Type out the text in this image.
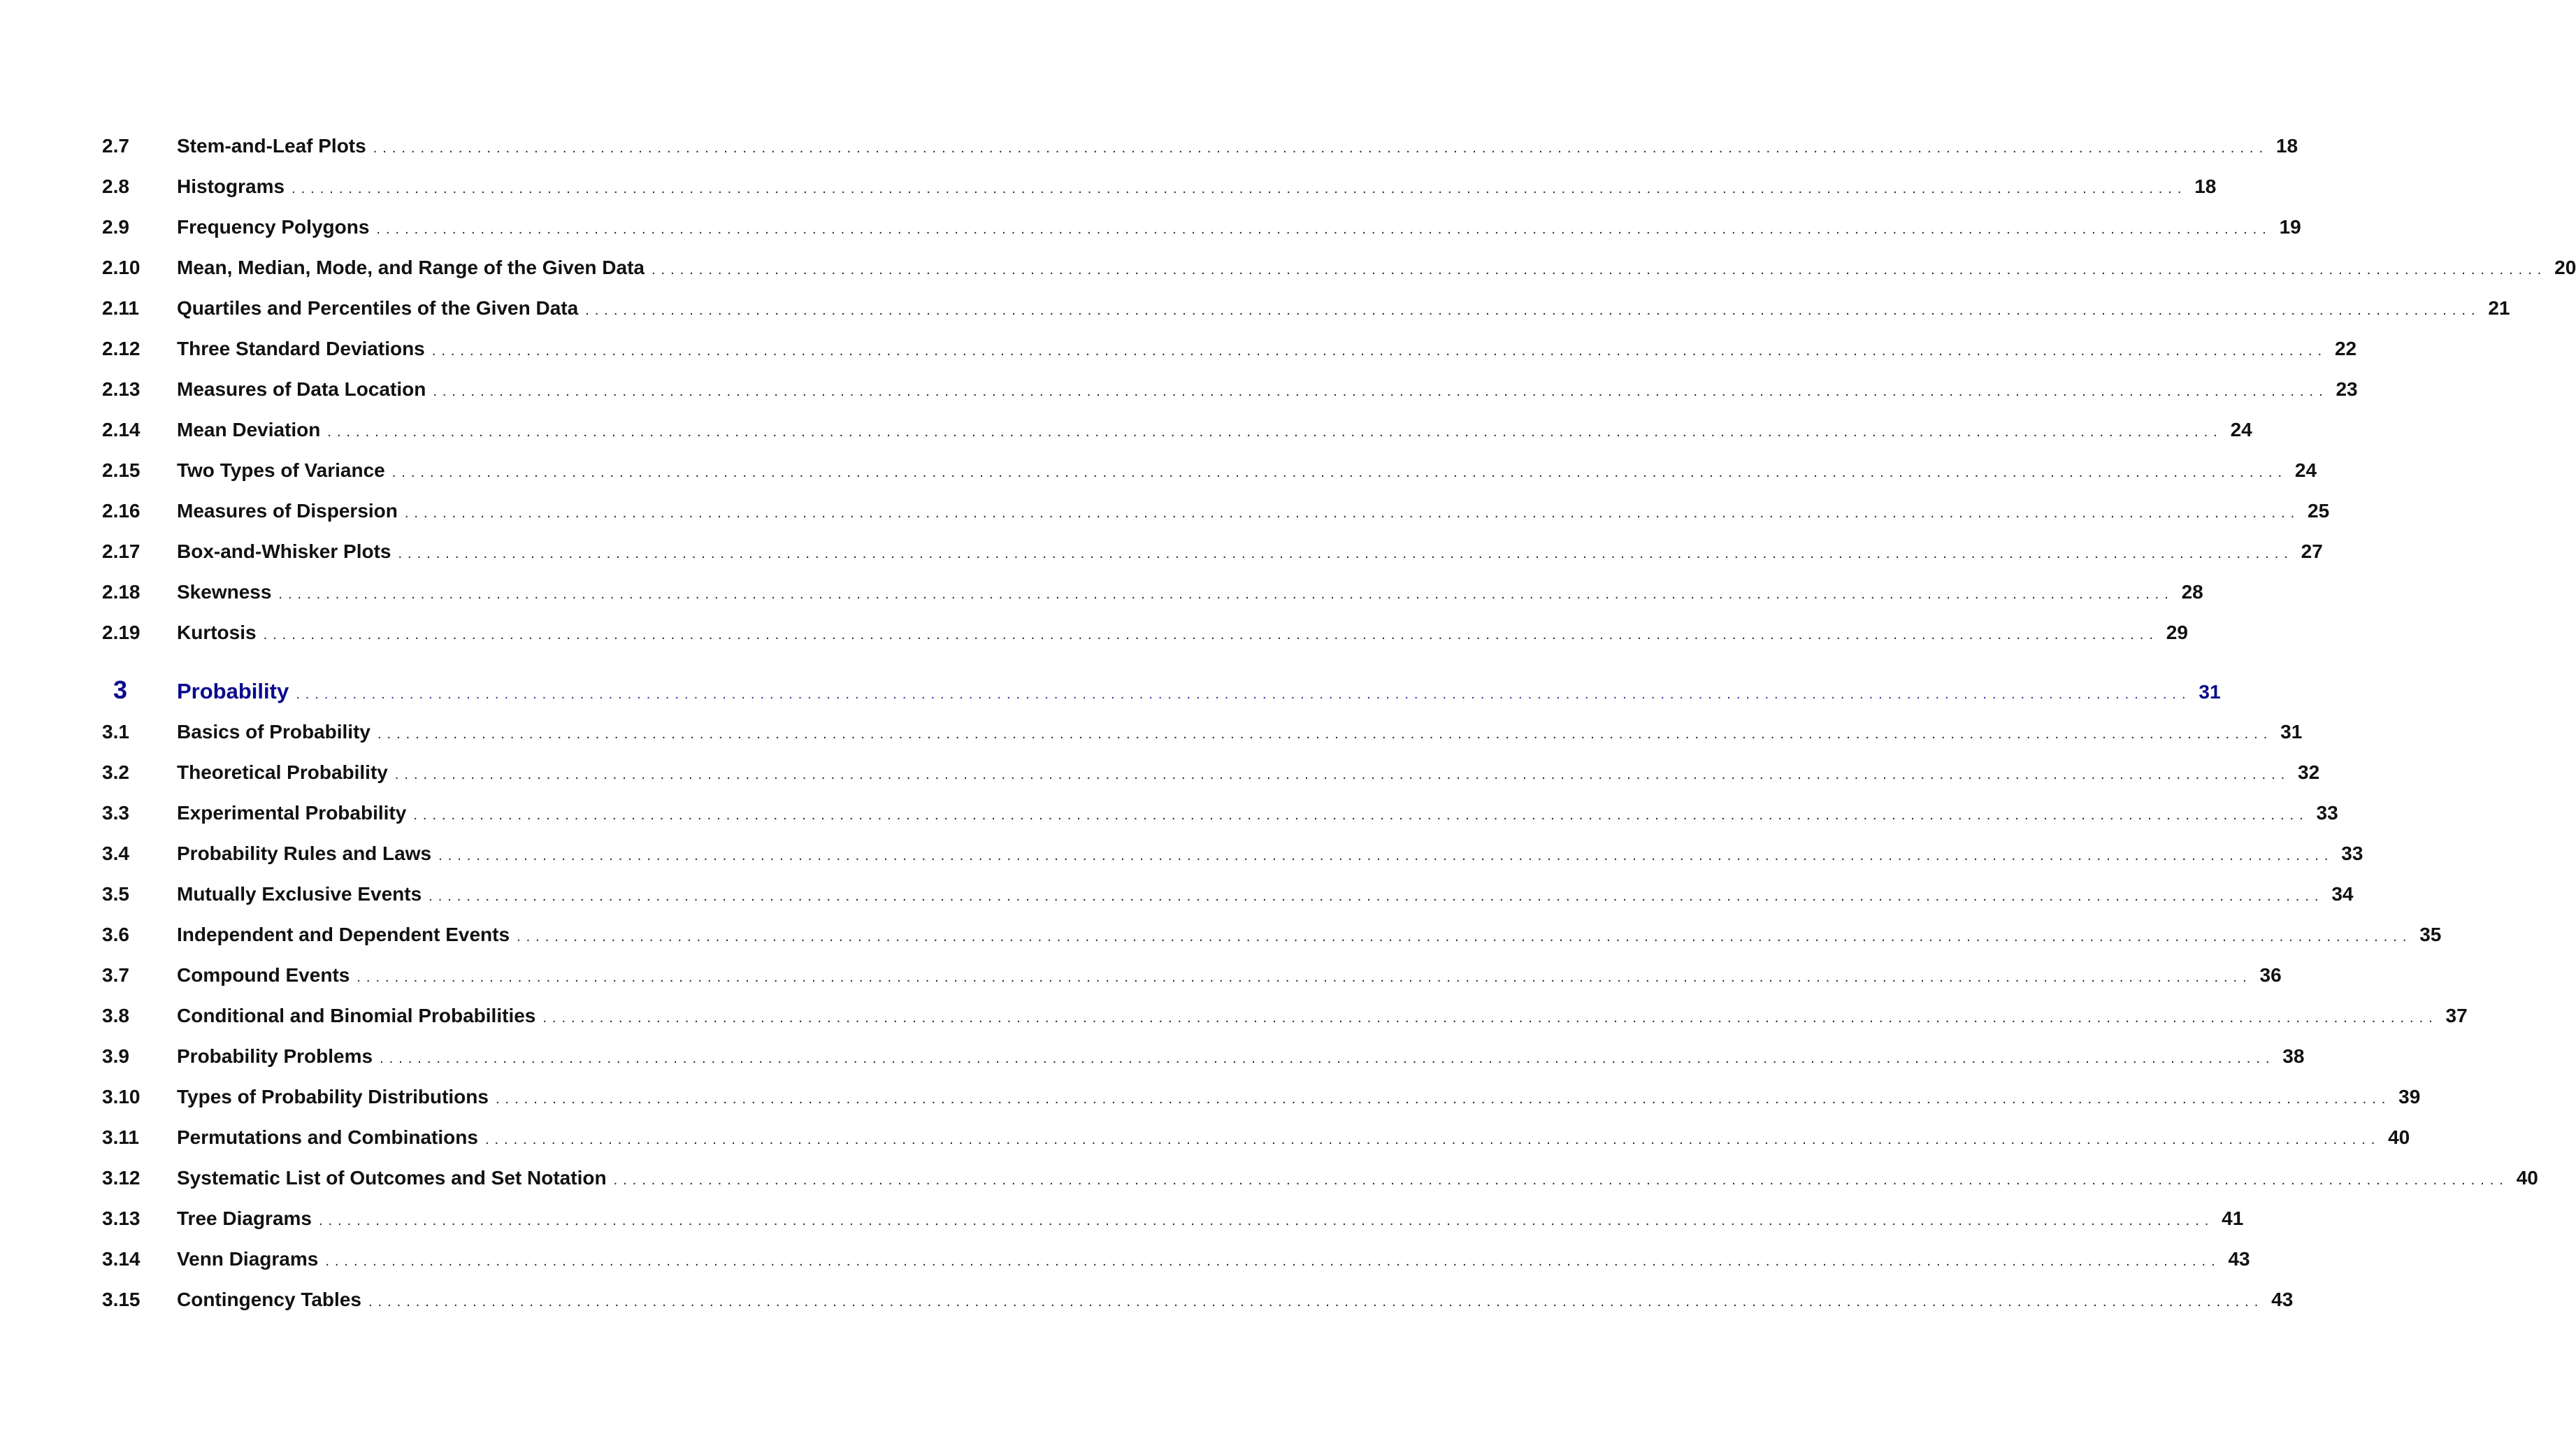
2.7	Stem-and-Leaf Plots ........................................................................................................................................................................................................ 18
2.8	Histograms ........................................................................................................................................................................................................ 18
2.9	Frequency Polygons ........................................................................................................................................................................................................ 19
2.10	Mean, Median, Mode, and Range of the Given Data ........................................................................................................................................................................................................ 20
2.11	Quartiles and Percentiles of the Given Data ........................................................................................................................................................................................................ 21
2.12	Three Standard Deviations ........................................................................................................................................................................................................ 22
2.13	Measures of Data Location ........................................................................................................................................................................................................ 23
2.14	Mean Deviation ........................................................................................................................................................................................................ 24
2.15	Two Types of Variance ........................................................................................................................................................................................................ 24
2.16	Measures of Dispersion ........................................................................................................................................................................................................ 25
2.17	Box-and-Whisker Plots ........................................................................................................................................................................................................ 27
2.18	Skewness ........................................................................................................................................................................................................ 28
2.19	Kurtosis ........................................................................................................................................................................................................ 29
3	Probability ........................................................................................................................................................................................................ 31
3.1	Basics of Probability ........................................................................................................................................................................................................ 31
3.2	Theoretical Probability ........................................................................................................................................................................................................ 32
3.3	Experimental Probability ........................................................................................................................................................................................................ 33
3.4	Probability Rules and Laws ........................................................................................................................................................................................................ 33
3.5	Mutually Exclusive Events ........................................................................................................................................................................................................ 34
3.6	Independent and Dependent Events ........................................................................................................................................................................................................ 35
3.7	Compound Events ........................................................................................................................................................................................................ 36
3.8	Conditional and Binomial Probabilities ........................................................................................................................................................................................................ 37
3.9	Probability Problems ........................................................................................................................................................................................................ 38
3.10	Types of Probability Distributions ........................................................................................................................................................................................................ 39
3.11	Permutations and Combinations ........................................................................................................................................................................................................ 40
3.12	Systematic List of Outcomes and Set Notation ........................................................................................................................................................................................................ 40
3.13	Tree Diagrams ........................................................................................................................................................................................................ 41
3.14	Venn Diagrams ........................................................................................................................................................................................................ 43
3.15	Contingency Tables ........................................................................................................................................................................................................ 43
